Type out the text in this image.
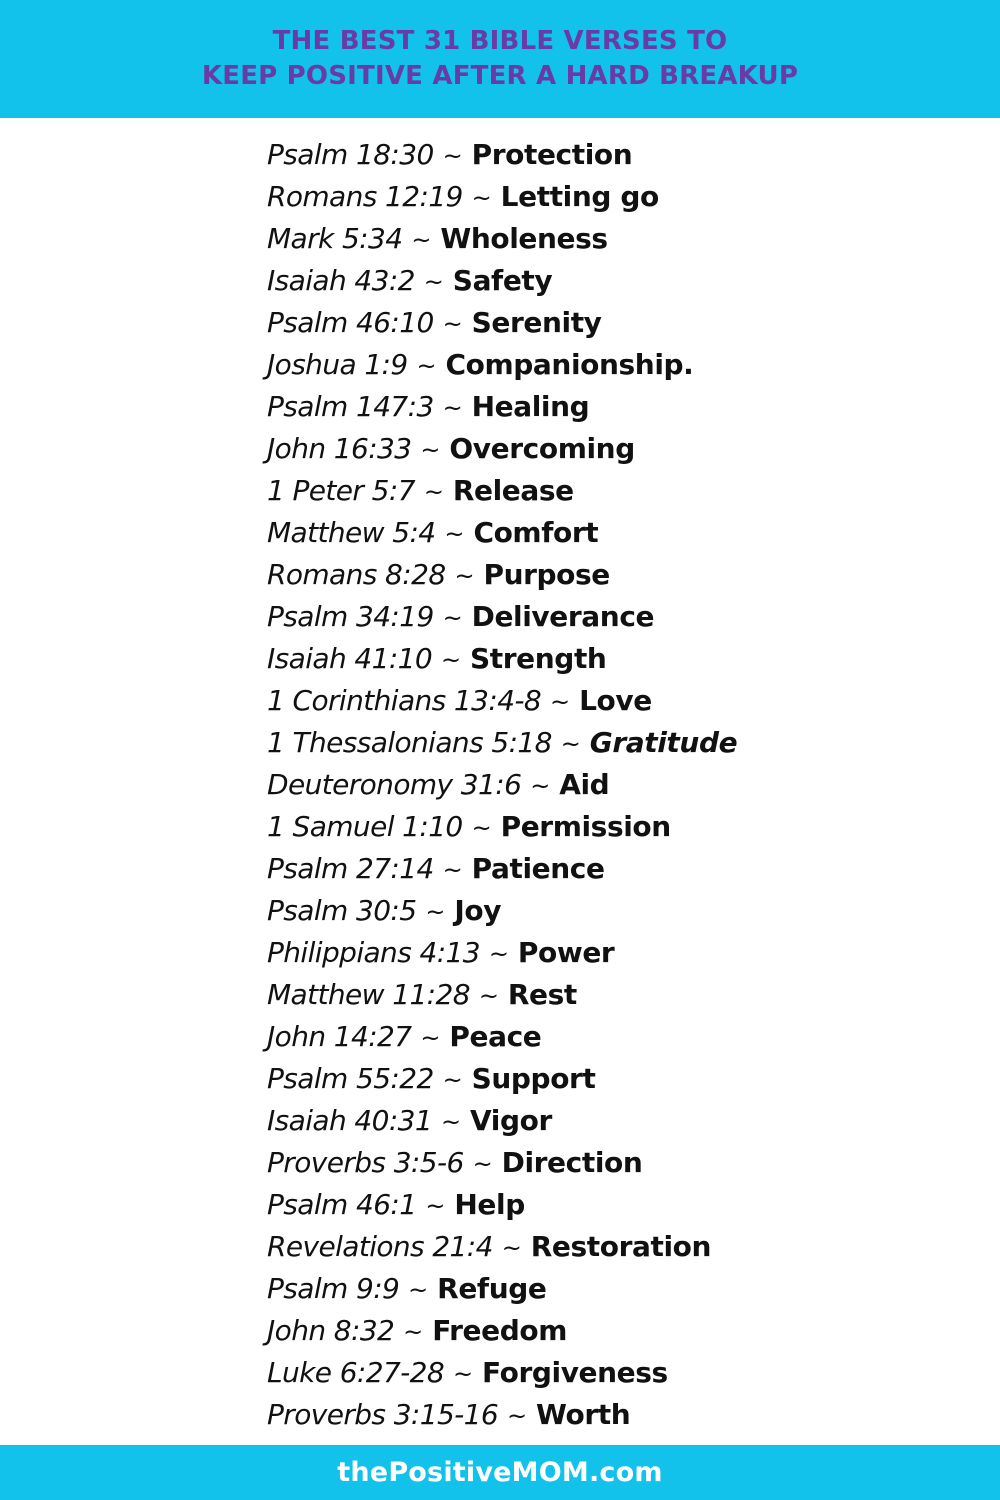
THE BEST 31 BIBLE VERSES TO
KEEP POSITIVE AFTER A HARD BREAKUP
Psalm 18:30 ~ Protection
Romans 12:19 ~ Letting go
Mark 5:34 ~ Wholeness
Isaiah 43:2 ~ Safety
Psalm 46:10 ~ Serenity
Joshua 1:9 ~ Companionship.
Psalm 147:3 ~ Healing
John 16:33 ~ Overcoming
1 Peter 5:7 ~ Release
Matthew 5:4 ~ Comfort
Romans 8:28 ~ Purpose
Psalm 34:19 ~ Deliverance
Isaiah 41:10 ~ Strength
1 Corinthians 13:4-8 ~ Love
1 Thessalonians 5:18 ~ Gratitude
Deuteronomy 31:6 ~ Aid
1 Samuel 1:10 ~ Permission
Psalm 27:14 ~ Patience
Psalm 30:5 ~ Joy
Philippians 4:13 ~ Power
Matthew 11:28 ~ Rest
John 14:27 ~ Peace
Psalm 55:22 ~ Support
Isaiah 40:31 ~ Vigor
Proverbs 3:5-6 ~ Direction
Psalm 46:1 ~ Help
Revelations 21:4 ~ Restoration
Psalm 9:9 ~ Refuge
John 8:32 ~ Freedom
Luke 6:27-28 ~ Forgiveness
Proverbs 3:15-16 ~ Worth
thePositiveMOM.com
